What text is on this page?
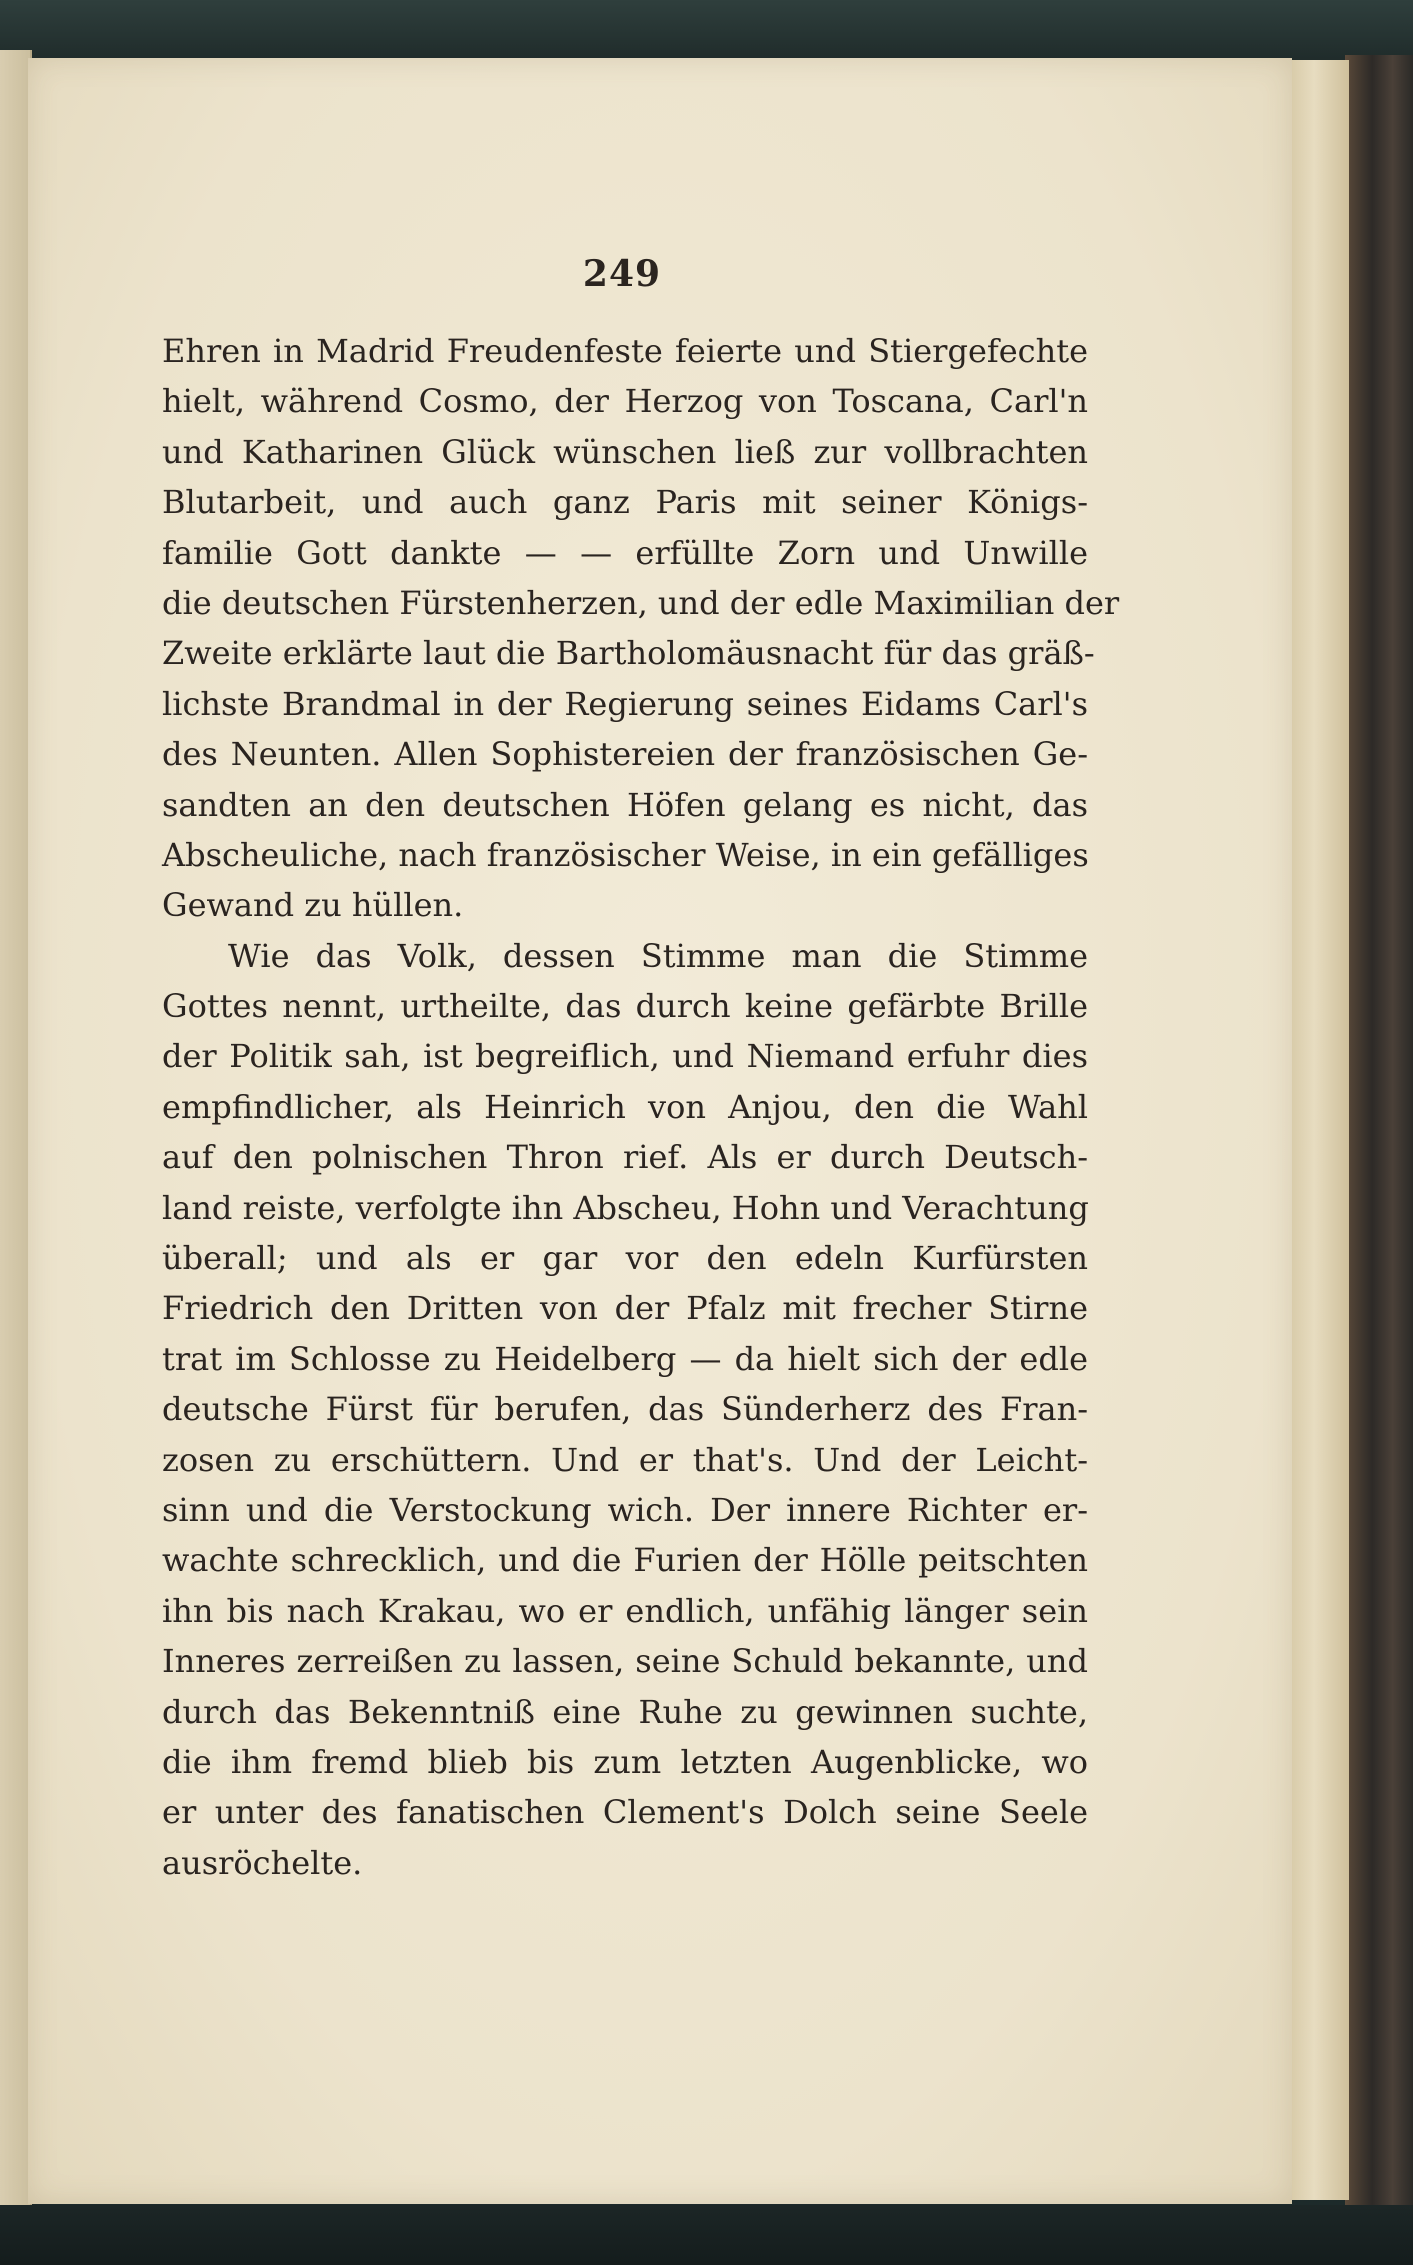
249
Ehren in Madrid Freudenfeste feierte und Stiergefechte
hielt, während Cosmo, der Herzog von Toscana, Carl'n
und Katharinen Glück wünschen ließ zur vollbrachten
Blutarbeit, und auch ganz Paris mit seiner Königs-
familie Gott dankte — — erfüllte Zorn und Unwille
die deutschen Fürstenherzen, und der edle Maximilian der
Zweite erklärte laut die Bartholomäusnacht für das gräß-
lichste Brandmal in der Regierung seines Eidams Carl's
des Neunten. Allen Sophistereien der französischen Ge-
sandten an den deutschen Höfen gelang es nicht, das
Abscheuliche, nach französischer Weise, in ein gefälliges
Gewand zu hüllen.
Wie das Volk, dessen Stimme man die Stimme
Gottes nennt, urtheilte, das durch keine gefärbte Brille
der Politik sah, ist begreiflich, und Niemand erfuhr dies
empfindlicher, als Heinrich von Anjou, den die Wahl
auf den polnischen Thron rief. Als er durch Deutsch-
land reiste, verfolgte ihn Abscheu, Hohn und Verachtung
überall; und als er gar vor den edeln Kurfürsten
Friedrich den Dritten von der Pfalz mit frecher Stirne
trat im Schlosse zu Heidelberg — da hielt sich der edle
deutsche Fürst für berufen, das Sünderherz des Fran-
zosen zu erschüttern. Und er that's. Und der Leicht-
sinn und die Verstockung wich. Der innere Richter er-
wachte schrecklich, und die Furien der Hölle peitschten
ihn bis nach Krakau, wo er endlich, unfähig länger sein
Inneres zerreißen zu lassen, seine Schuld bekannte, und
durch das Bekenntniß eine Ruhe zu gewinnen suchte,
die ihm fremd blieb bis zum letzten Augenblicke, wo
er unter des fanatischen Clement's Dolch seine Seele
ausröchelte.
